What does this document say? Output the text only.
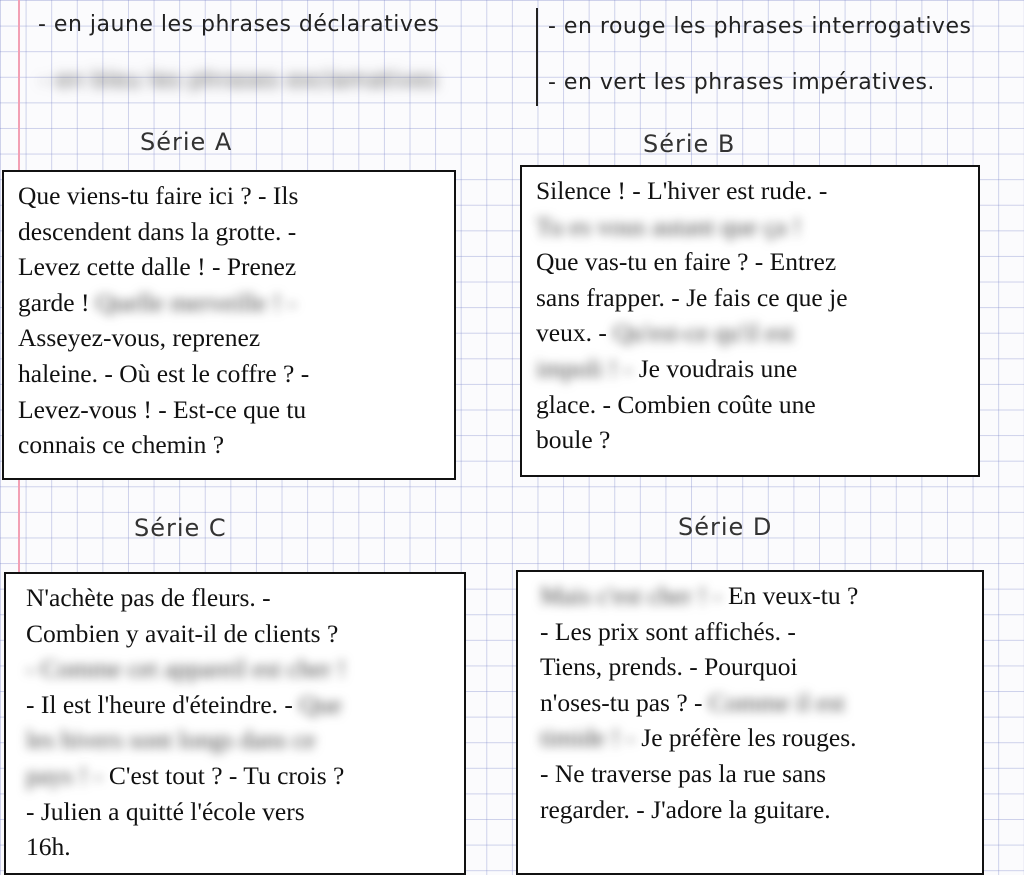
- en jaune les phrases déclaratives
- en bleu les phrases exclamatives
- en rouge les phrases interrogatives
- en vert les phrases impératives.
Série A	Série B
Série C	Série D
Que viens-tu faire ici ? - Ils
descendent dans la grotte. -
Levez cette dalle ! - Prenez
garde ! Quelle merveille ! -
Asseyez-vous, reprenez
haleine. - Où est le coffre ? -
Levez-vous ! - Est-ce que tu
connais ce chemin ?
Silence ! - L'hiver est rude. -
Tu es vous autant que ça !
Que vas-tu en faire ? - Entrez
sans frapper. - Je fais ce que je
veux. - Qu'est-ce qu'il est
impoli ! - Je voudrais une
glace. - Combien coûte une
boule ?
N'achète pas de fleurs. -
Combien y avait-il de clients ?
- Comme cet appareil est cher !
- Il est l'heure d'éteindre. - Que
les hivers sont longs dans ce
pays ! - C'est tout ? - Tu crois ?
- Julien a quitté l'école vers
16h.
Mais c'est cher ! - En veux-tu ?
- Les prix sont affichés. -
Tiens, prends. - Pourquoi
n'oses-tu pas ? - Comme il est
timide ! - Je préfère les rouges.
- Ne traverse pas la rue sans
regarder. - J'adore la guitare.
